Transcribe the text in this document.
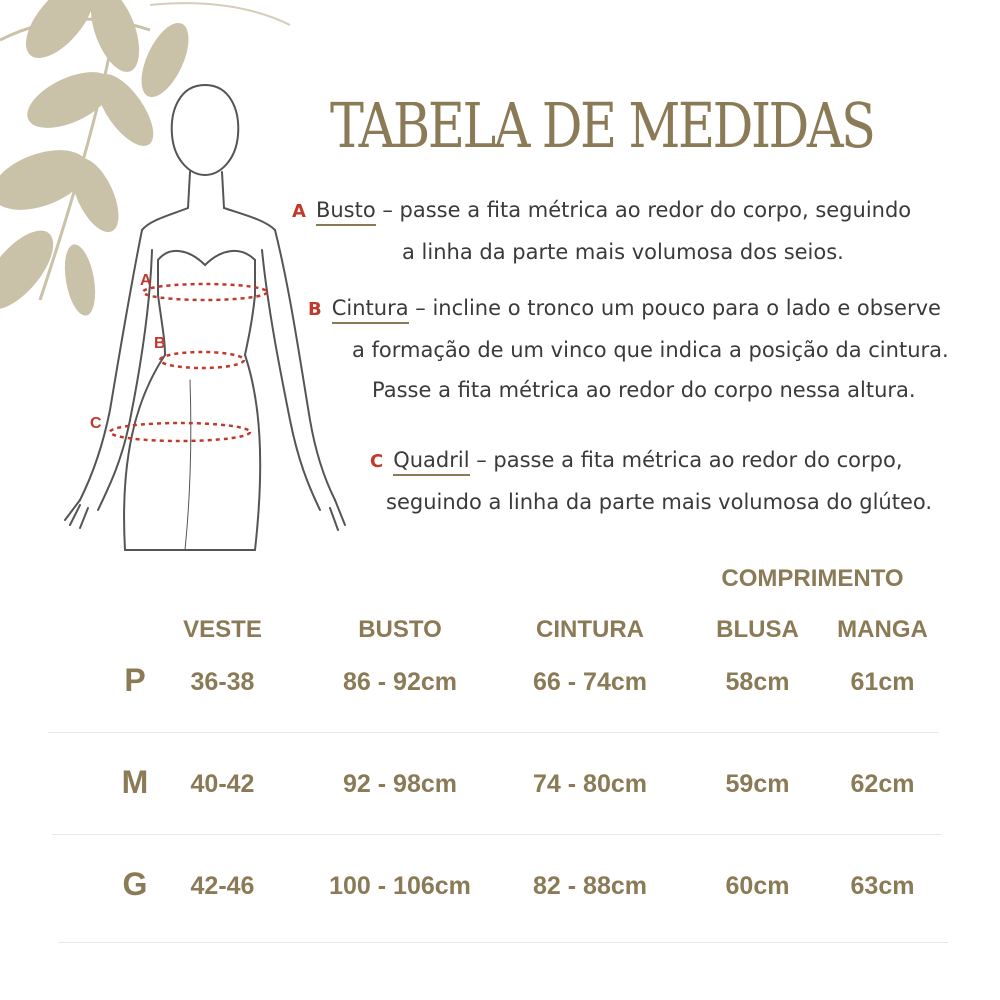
A
B
C
TABELA DE MEDIDAS
A Busto – passe a fita métrica ao redor do corpo, seguindo
a linha da parte mais volumosa dos seios.
B Cintura – incline o tronco um pouco para o lado e observe
a formação de um vinco que indica a posição da cintura.
Passe a fita métrica ao redor do corpo nessa altura.
C Quadril – passe a fita métrica ao redor do corpo,
seguindo a linha da parte mais volumosa do glúteo.
COMPRIMENTO
VESTE	BUSTO	CINTURA	BLUSA	MANGA
P	36-38	86 - 92cm	66 - 74cm	58cm	61cm
M	40-42	92 - 98cm	74 - 80cm	59cm	62cm
G	42-46	100 - 106cm	82 - 88cm	60cm	63cm
